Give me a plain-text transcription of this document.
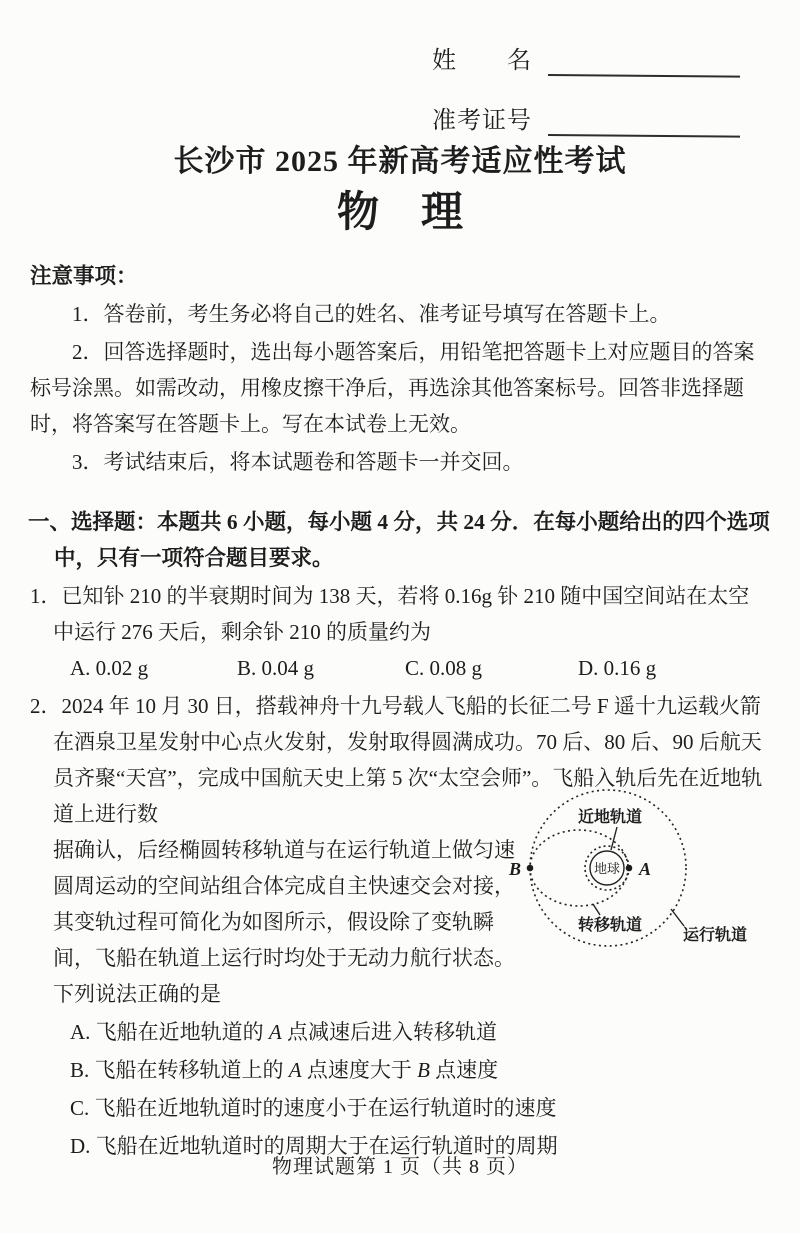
姓　　名
准考证号
长沙市 2025 年新高考适应性考试
物　理
注意事项：

1．答卷前，考生务必将自己的姓名、准考证号填写在答题卡上。

2．回答选择题时，选出每小题答案后，用铅笔把答题卡上对应题目的答案标号涂黑。如需改动，用橡皮擦干净后，再选涂其他答案标号。回答非选择题时，将答案写在答题卡上。写在本试卷上无效。

3．考试结束后，将本试题卷和答题卡一并交回。

一、选择题：本题共 6 小题，每小题 4 分，共 24 分．在每小题给出的四个选项中，只有一项符合题目要求。

1．已知钋 210 的半衰期时间为 138 天，若将 0.16g 钋 210 随中国空间站在太空中运行 276 天后，剩余钋 210 的质量约为

A. 0.02 g	B. 0.04 g	C. 0.08 g	D. 0.16 g

2．2024 年 10 月 30 日，搭载神舟十九号载人飞船的长征二号 F 遥十九运载火箭在酒泉卫星发射中心点火发射，发射取得圆满成功。70 后、80 后、90 后航天员齐聚“天宫”，完成中国航天史上第 5 次“太空会师”。飞船入轨后先在近地轨道上进行数

地球 A
B
近地轨道
转移轨道
运行轨道

据确认，后经椭圆转移轨道与在运行轨道上做匀速圆周运动的空间站组合体完成自主快速交会对接，其变轨过程可简化为如图所示，假设除了变轨瞬间，飞船在轨道上运行时均处于无动力航行状态。下列说法正确的是

A. 飞船在近地轨道的 A 点减速后进入转移轨道

B. 飞船在转移轨道上的 A 点速度大于 B 点速度

C. 飞船在近地轨道时的速度小于在运行轨道时的速度

D. 飞船在近地轨道时的周期大于在运行轨道时的周期

物理试题第 1 页（共 8 页）
